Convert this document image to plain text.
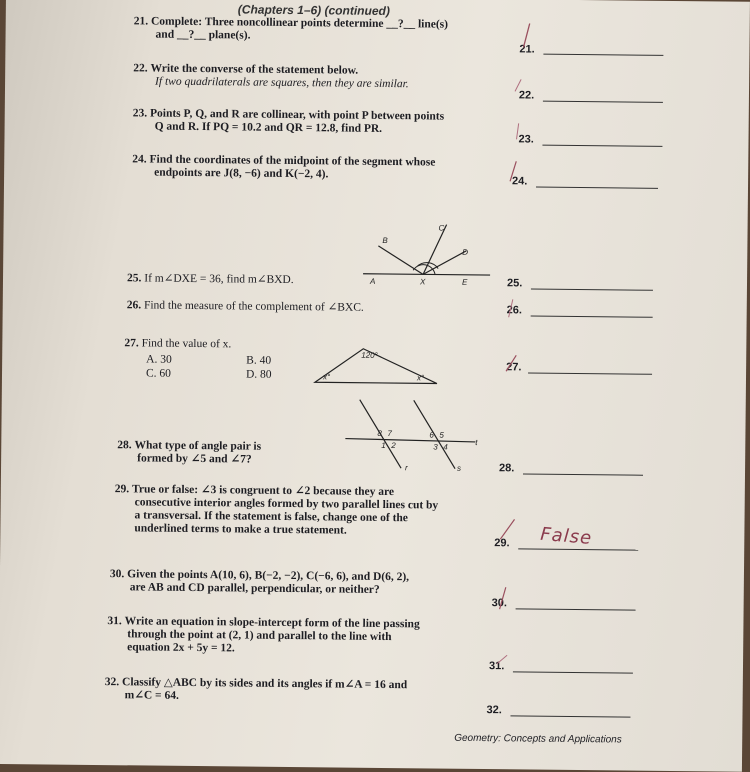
(Chapters 1–6) (continued)
21. Complete: Three noncollinear points determine __?__ line(s)
and __?__ plane(s).
21.
22. Write the converse of the statement below.
If two quadrilaterals are squares, then they are similar.
22.
23. Points P, Q, and R are collinear, with point P between points
Q and R. If PQ = 10.2 and QR = 12.8, find PR.
23.
24. Find the coordinates of the midpoint of the segment whose
endpoints are J(8, −6) and K(−2, 4).
24.

B
C
D
A	X	E
25. If m∠DXE = 36, find m∠BXD.	25.
26. Find the measure of the complement of ∠BXC.	26.
27. Find the value of x.
A. 30	B. 40
C. 60	D. 80
120°
x°	x°
27.

8 7
1 2
6 5
3 4
t
r	s
28. What type of angle pair is
formed by ∠5 and ∠7?
28.
29. True or false: ∠3 is congruent to ∠2 because they are
consecutive interior angles formed by two parallel lines cut by
a transversal. If the statement is false, change one of the
underlined terms to make a true statement.
29. False
30. Given the points A(10, 6), B(−2, −2), C(−6, 6), and D(6, 2),
are AB and CD parallel, perpendicular, or neither?
30.
31. Write an equation in slope-intercept form of the line passing
through the point at (2, 1) and parallel to the line with
equation 2x + 5y = 12.
31.
32. Classify △ABC by its sides and its angles if m∠A = 16 and
m∠C = 64.
32.
Geometry: Concepts and Applications
